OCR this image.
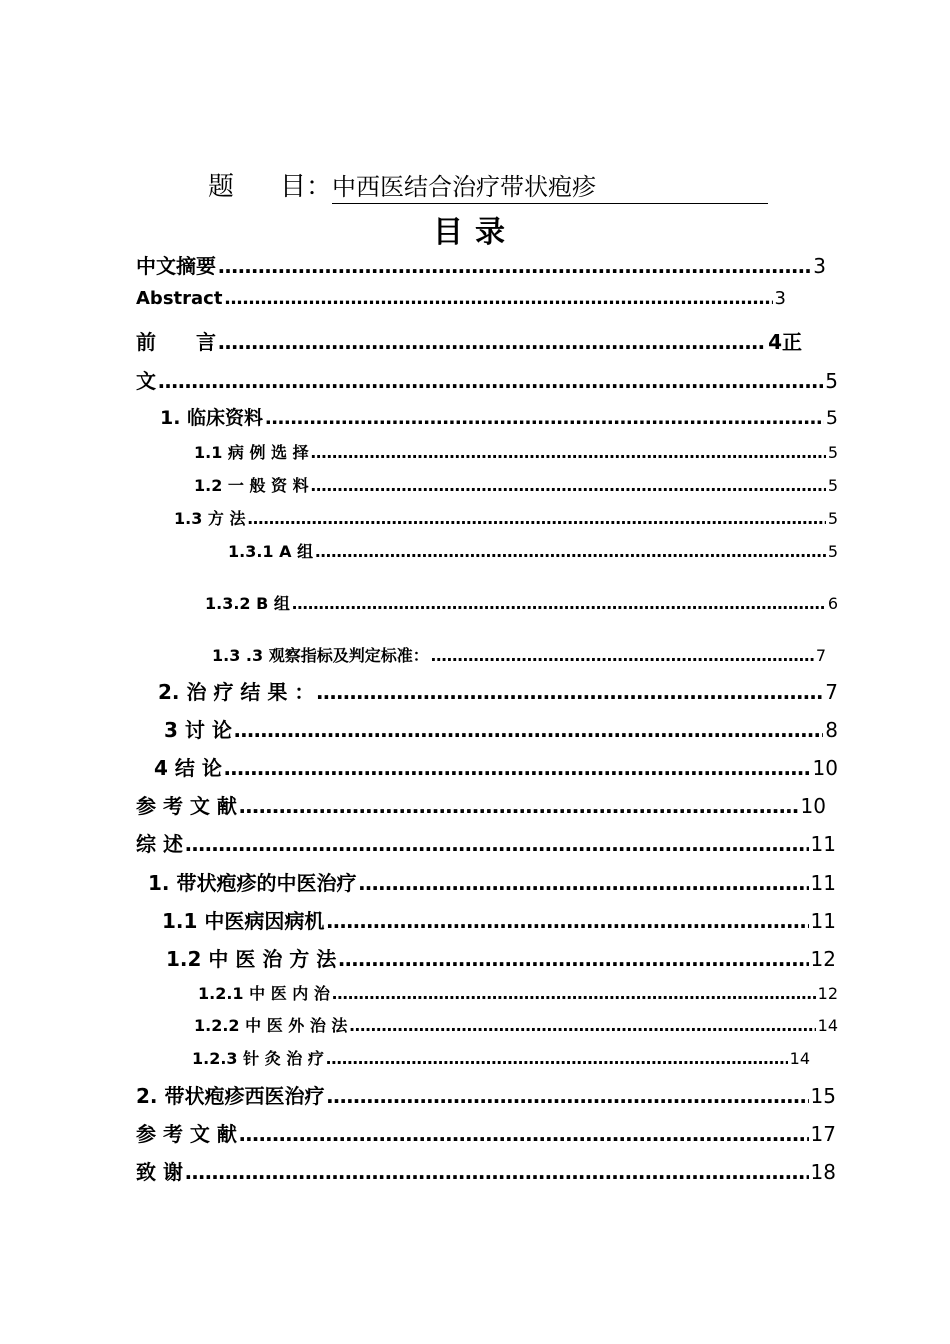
题 目：中西医结合治疗带状疱疹
目录
中文摘要 …………………………………………………………………………………………………………………………………………………………	3
Abstract …………………………………………………………………………………………………………………………………………………………	3
前　　言 …………………………………………………………………………………………………………………………………………………………	4正
文 …………………………………………………………………………………………………………………………………………………………	5
1. 临床资料 …………………………………………………………………………………………………………………………………………………………	5
1.1 病 例 选 择 …………………………………………………………………………………………………………………………………………………………	5
1.2 一 般 资 料 …………………………………………………………………………………………………………………………………………………………	5
1.3 方 法 …………………………………………………………………………………………………………………………………………………………	5
1.3.1 A 组 …………………………………………………………………………………………………………………………………………………………	5
1.3.2 B 组 …………………………………………………………………………………………………………………………………………………………	6
1.3 .3 观察指标及判定标准： …………………………………………………………………………………………………………………………………………………………	7
2. 治 疗 结 果 ： …………………………………………………………………………………………………………………………………………………………	7
3 讨 论 …………………………………………………………………………………………………………………………………………………………	8
4 结 论 …………………………………………………………………………………………………………………………………………………………	10
参 考 文 献 …………………………………………………………………………………………………………………………………………………………	10
综 述 …………………………………………………………………………………………………………………………………………………………	11
1. 带状疱疹的中医治疗 …………………………………………………………………………………………………………………………………………………………	11
1.1 中医病因病机 …………………………………………………………………………………………………………………………………………………………	11
1.2 中 医 治 方 法 …………………………………………………………………………………………………………………………………………………………	12
1.2.1 中 医 内 治 …………………………………………………………………………………………………………………………………………………………	12
1.2.2 中 医 外 治 法 …………………………………………………………………………………………………………………………………………………………	14
1.2.3 针 灸 治 疗 …………………………………………………………………………………………………………………………………………………………	14
2. 带状疱疹西医治疗 …………………………………………………………………………………………………………………………………………………………	15
参 考 文 献 …………………………………………………………………………………………………………………………………………………………	17
致 谢 …………………………………………………………………………………………………………………………………………………………	18
